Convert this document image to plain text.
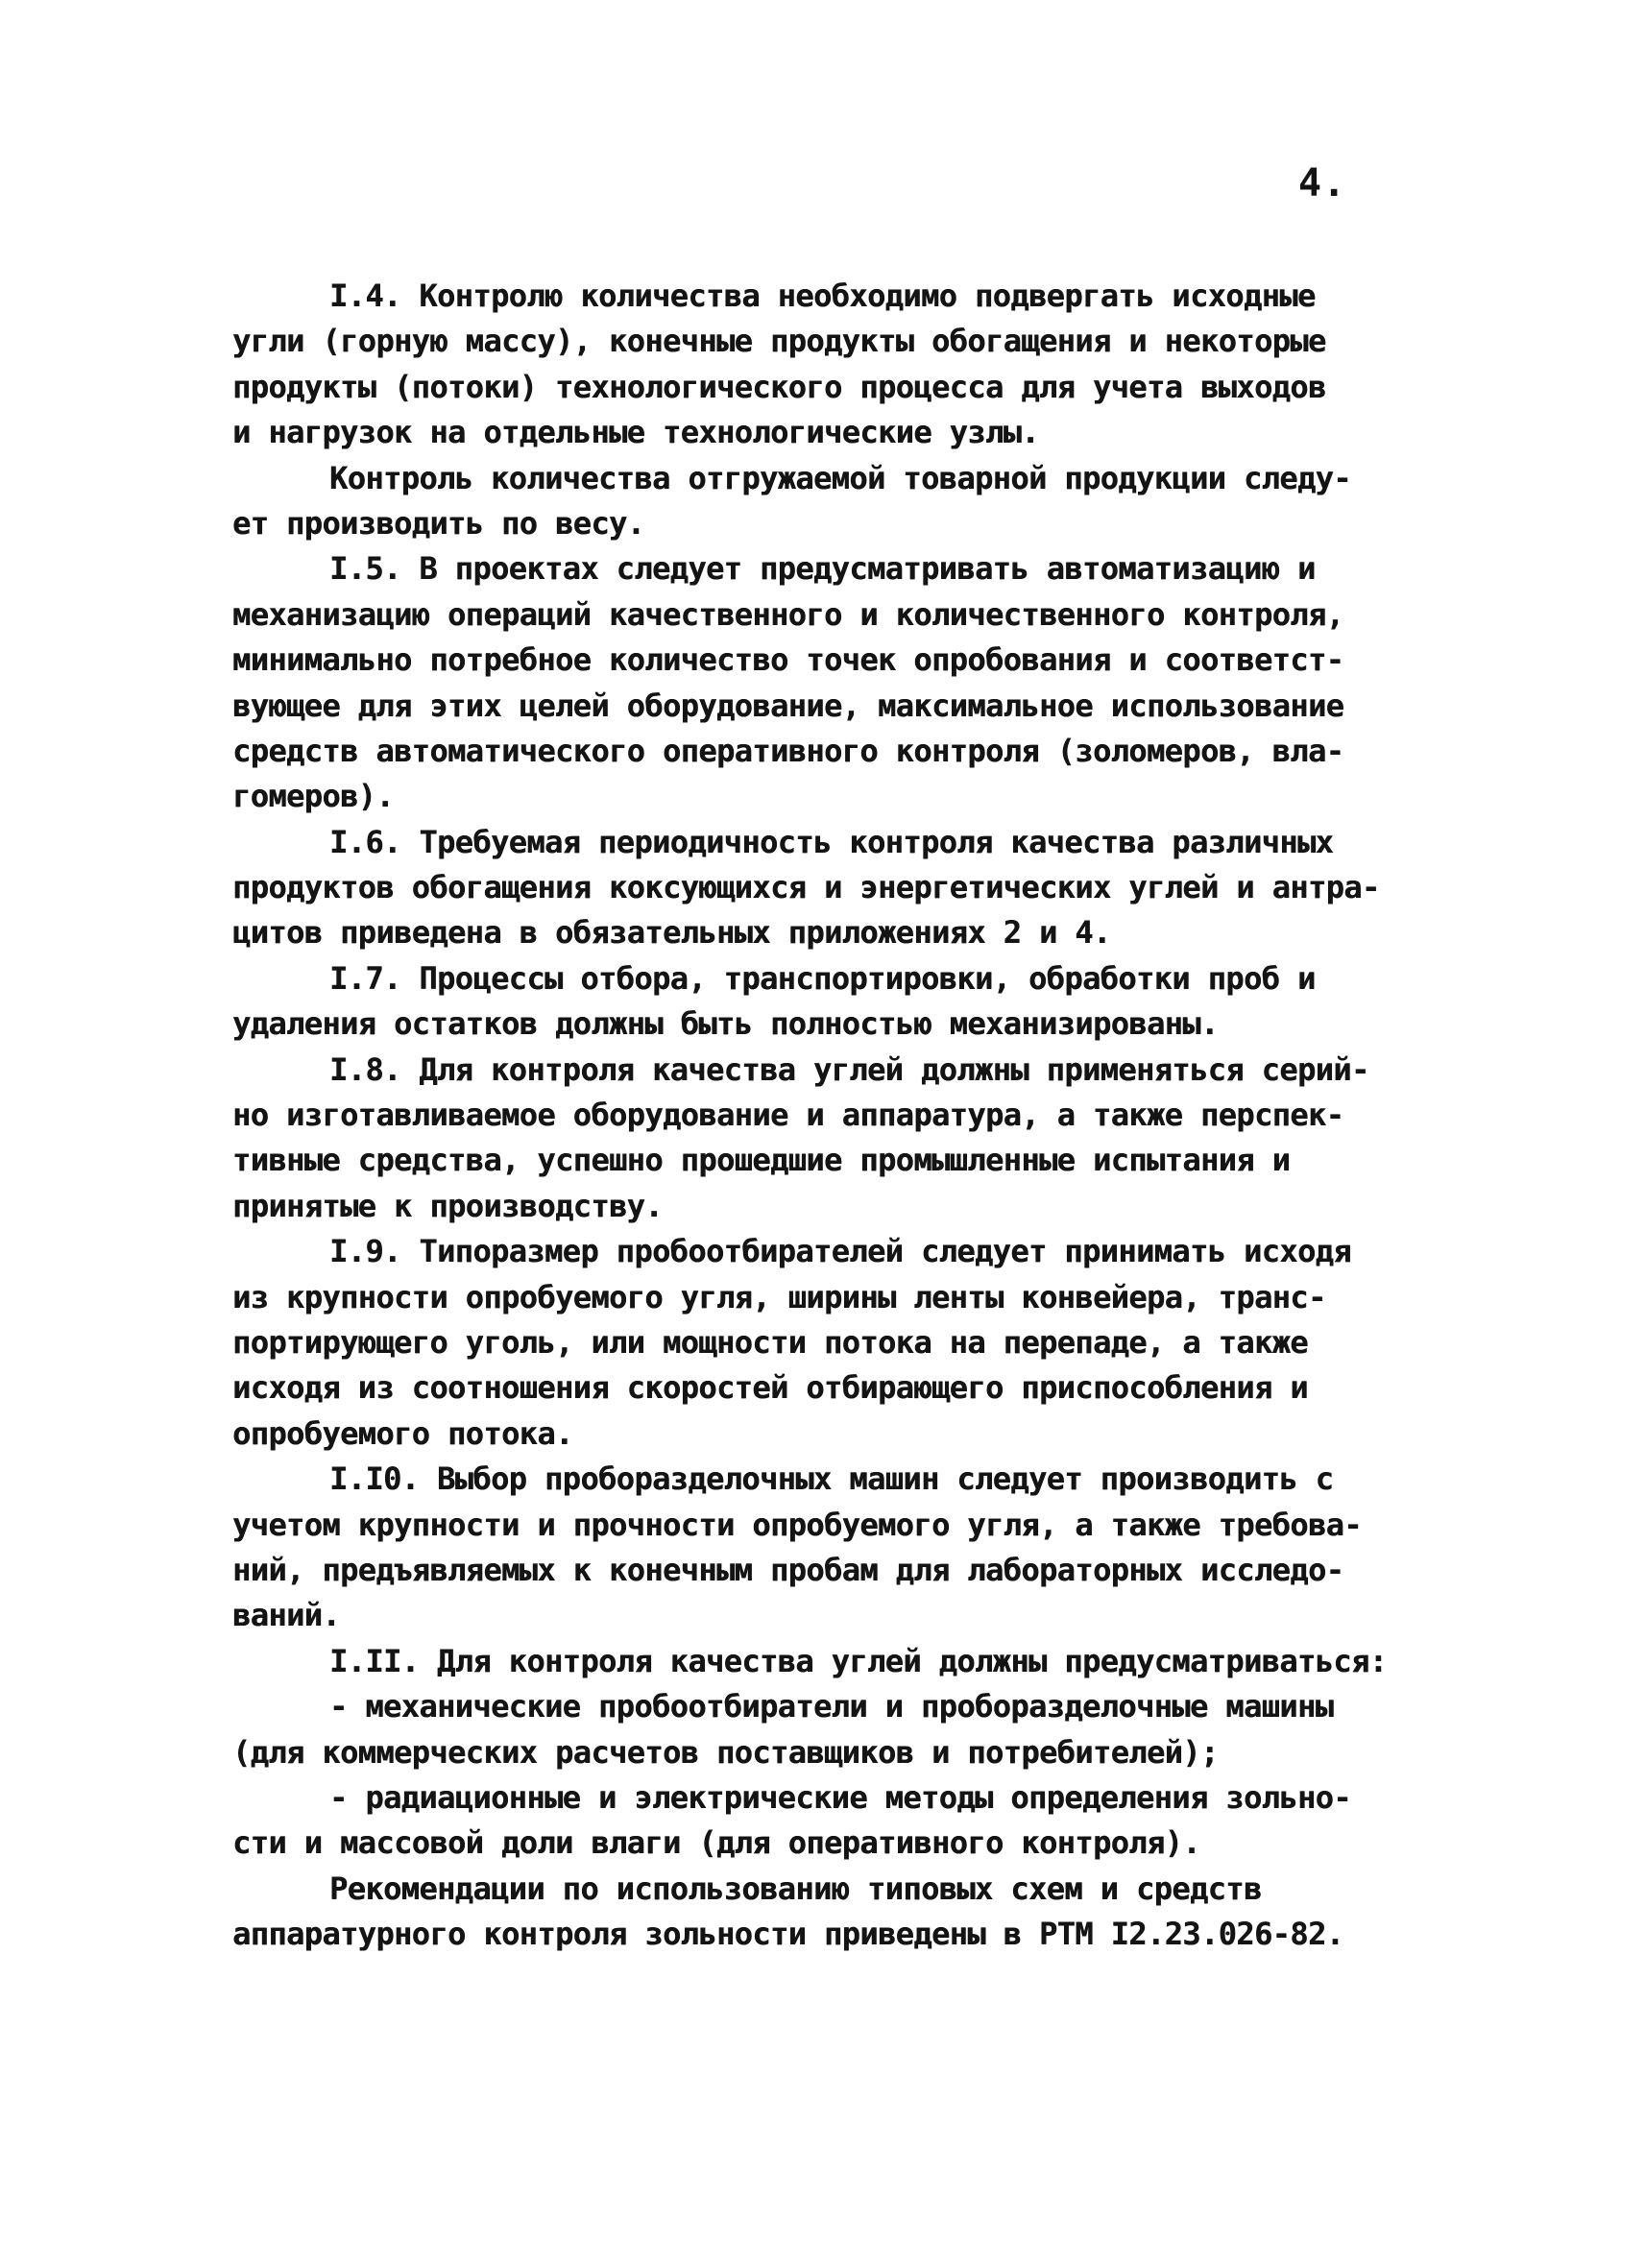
4.
I.4. Контролю количества необходимо подвергать исходные
угли (горную массу), конечные продукты обогащения и некоторые
продукты (потоки) технологического процесса для учета выходов
и нагрузок на отдельные технологические узлы.
Контроль количества отгружаемой товарной продукции следу-
ет производить по весу.
I.5. В проектах следует предусматривать автоматизацию и
механизацию операций качественного и количественного контроля,
минимально потребное количество точек опробования и соответст-
вующее для этих целей оборудование, максимальное использование
средств автоматического оперативного контроля (золомеров, вла-
гомеров).
I.6. Требуемая периодичность контроля качества различных
продуктов обогащения коксующихся и энергетических углей и антра-
цитов приведена в обязательных приложениях 2 и 4.
I.7. Процессы отбора, транспортировки, обработки проб и
удаления остатков должны быть полностью механизированы.
I.8. Для контроля качества углей должны применяться серий-
но изготавливаемое оборудование и аппаратура, а также перспек-
тивные средства, успешно прошедшие промышленные испытания и
принятые к производству.
I.9. Типоразмер пробоотбирателей следует принимать исходя
из крупности опробуемого угля, ширины ленты конвейера, транс-
портирующего уголь, или мощности потока на перепаде, а также
исходя из соотношения скоростей отбирающего приспособления и
опробуемого потока.
I.I0. Выбор проборазделочных машин следует производить с
учетом крупности и прочности опробуемого угля, а также требова-
ний, предъявляемых к конечным пробам для лабораторных исследо-
ваний.
I.II. Для контроля качества углей должны предусматриваться:
- механические пробоотбиратели и проборазделочные машины
(для коммерческих расчетов поставщиков и потребителей);
- радиационные и электрические методы определения зольно-
сти и массовой доли влаги (для оперативного контроля).
Рекомендации по использованию типовых схем и средств
аппаратурного контроля зольности приведены в РТМ I2.23.026-82.
